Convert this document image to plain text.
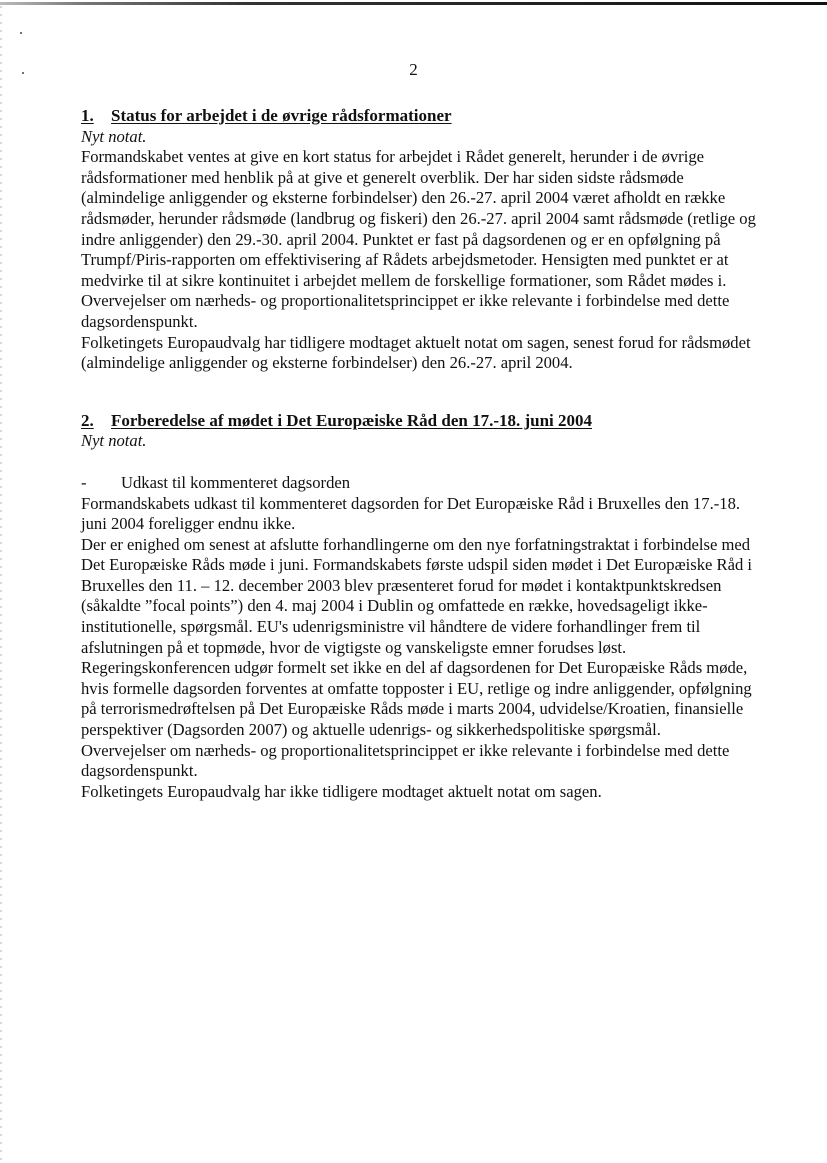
2
1.	Status for arbejdet i de øvrige rådsformationer

Nyt notat.

Formandskabet ventes at give en kort status for arbejdet i Rådet generelt, herunder i de øvrige rådsformationer med henblik på at give et generelt overblik. Der har siden sidste rådsmøde (almindelige anliggender og eksterne forbindelser) den 26.-27. april 2004 været afholdt en række rådsmøder, herunder rådsmøde (landbrug og fiskeri) den 26.-27. april 2004 samt rådsmøde (retlige og indre anliggender) den 29.-30. april 2004. Punktet er fast på dagsordenen og er en opfølgning på Trumpf/Piris-rapporten om effektivisering af Rådets arbejdsmetoder. Hensigten med punktet er at medvirke til at sikre kontinuitet i arbejdet mellem de forskellige formationer, som Rådet mødes i.

Overvejelser om nærheds- og proportionalitetsprincippet er ikke relevante i forbindelse med dette dagsordenspunkt.

Folketingets Europaudvalg har tidligere modtaget aktuelt notat om sagen, senest forud for rådsmødet (almindelige anliggender og eksterne forbindelser) den 26.-27. april 2004.

2.	Forberedelse af mødet i Det Europæiske Råd den 17.-18. juni 2004

Nyt notat.

-	Udkast til kommenteret dagsorden

Formandskabets udkast til kommenteret dagsorden for Det Europæiske Råd i Bruxelles den 17.-18. juni 2004 foreligger endnu ikke.

Der er enighed om senest at afslutte forhandlingerne om den nye forfatningstraktat i forbindelse med Det Europæiske Råds møde i juni. Formandskabets første udspil siden mødet i Det Europæiske Råd i Bruxelles den 11. – 12. december 2003 blev præsenteret forud for mødet i kontaktpunktskredsen (såkaldte ”focal points”) den 4. maj 2004 i Dublin og omfattede en række, hovedsageligt ikke-institutionelle, spørgsmål. EU's udenrigsministre vil håndtere de videre forhandlinger frem til afslutningen på et topmøde, hvor de vigtigste og vanskeligste emner forudses løst.

Regeringskonferencen udgør formelt set ikke en del af dagsordenen for Det Europæiske Råds møde, hvis formelle dagsorden forventes at omfatte topposter i EU, retlige og indre anliggender, opfølgning på terrorismedrøftelsen på Det Europæiske Råds møde i marts 2004, udvidelse/Kroatien, finansielle perspektiver (Dagsorden 2007) og aktuelle udenrigs- og sikkerhedspolitiske spørgsmål.

Overvejelser om nærheds- og proportionalitetsprincippet er ikke relevante i forbindelse med dette dagsordenspunkt.

Folketingets Europaudvalg har ikke tidligere modtaget aktuelt notat om sagen.
